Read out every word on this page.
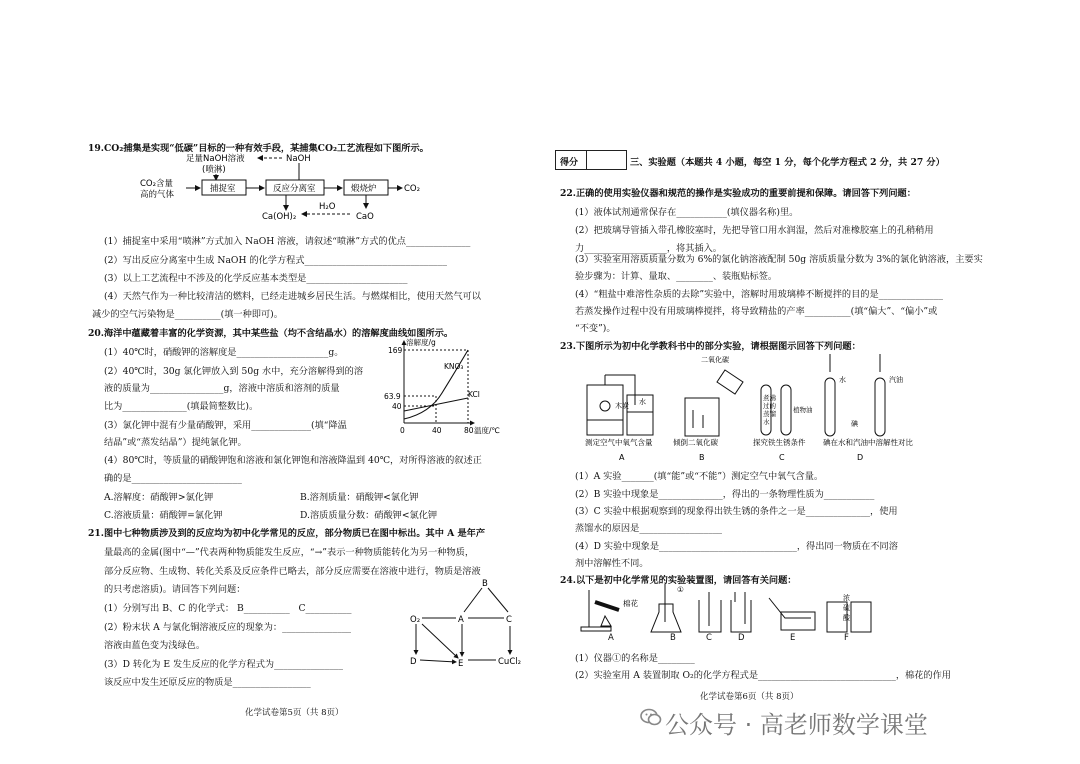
19.CO₂捕集是实现“低碳”目标的一种有效手段，某捕集CO₂工艺流程如下图所示。
足量NaOH溶液
(喷淋)
NaOH
CO₂含量
高的气体
捕捉室	反应分离室	煅烧炉	CO₂
Ca(OH)₂
H₂O
CaO
(1）捕捉室中采用“喷淋”方式加入 NaOH 溶液，请叙述“喷淋”方式的优点______________
(2）写出反应分离室中生成 NaOH 的化学方程式_______________________________
(3）以上工艺流程中不涉及的化学反应基本类型是______________________
(4）天然气作为一种比较清洁的燃料，已经走进城乡居民生活。与燃煤相比，使用天然气可以
减少的空气污染物是__________(填一种即可)。
20.海洋中蕴藏着丰富的化学资源，其中某些盐（均不含结晶水）的溶解度曲线如图所示。
(1）40℃时，硝酸钾的溶解度是____________________g。
(2）40℃时，30g 氯化钾放入到 50g 水中，充分溶解得到的溶
液的质量为________________g，溶液中溶质和溶剂的质量
比为______________(填最简整数比)。
(3）氯化钾中混有少量硝酸钾，采用_____________(填“降温
结晶”或“蒸发结晶”）提纯氯化钾。
溶解度/g
温度/℃
169
63.9
40
0	40	80
KNO₃
KCl
(4）80℃时，等质量的硝酸钾饱和溶液和氯化钾饱和溶液降温到 40℃，对所得溶液的叙述正
确的是________________________
A.溶解度：硝酸钾>氯化钾	B.溶剂质量：硝酸钾<氯化钾
C.溶液质量：硝酸钾=氯化钾	D.溶质质量分数：硝酸钾<氯化钾
21.图中七种物质涉及到的反应均为初中化学常见的反应，部分物质已在图中标出。其中 A 是年产
量最高的金属(图中“—”代表两种物质能发生反应，“→”表示一种物质能转化为另一种物质，
部分反应物、生成物、转化关系及反应条件已略去，部分反应需要在溶液中进行，物质是溶液
的只考虑溶质)。请回答下列问题：
(1）分别写出 B、C 的化学式： B__________   C__________
(2）粉末状 A 与氯化铜溶液反应的现象为：_______________
溶液由蓝色变为浅绿色。
(3）D 转化为 E 发生反应的化学方程式为_______________
该反应中发生还原反应的物质是_________________
B
A	C
O₂
D	E	CuCl₂
化学试卷第5页（共 8页）
得分	三、实验题（本题共 4 小题，每空 1 分，每个化学方程式 2 分，共 27 分）
22.正确的使用实验仪器和规范的操作是实验成功的重要前提和保障。请回答下列问题：
(1）液体试剂通常保存在___________(填仪器名称)里。
(2）把玻璃导管插入带孔橡胶塞时，先把导管口用水润湿，然后对准橡胶塞上的孔稍稍用
力__________________，将其插入。
(3）实验室用溶质质量分数为 6%的氯化钠溶液配制 50g 溶质质量分数为 3%的氯化钠溶液，主要实
验步骤为：计算、量取、________、装瓶贴标签。
(4）“粗盐中难溶性杂质的去除”实验中，溶解时用玻璃棒不断搅拌的目的是______________
若蒸发操作过程中没有用玻璃棒搅拌，将导致精盐的产率__________(填“偏大”、“偏小”或
“不变”)。
23.下图所示为初中化学教科书中的部分实验，请根据图示回答下列问题：
木炭 水
二氧化碳
煮沸
过的
蒸馏
水
植物油
水	汽油
碘
测定空气中氧气含量	倾倒二氧化碳	探究铁生锈条件 碘在水和汽油中溶解性对比
A	B	C	D
(1）A 实验_______(填“能”或“不能”）测定空气中氧气含量。
(2）B 实验中现象是______________，得出的一条物理性质为___________
(3）C 实验中根据观察到的现象得出铁生锈的条件之一是______________，使用
蒸馏水的原因是__________________
(4）D 实验中现象是______________________________，得出同一物质在不同溶
剂中溶解性不同。
24.以下是初中化学常见的实验装置图，请回答有关问题：
棉花
①
浓
硫
酸
A	B	C	D	E	F
(1）仪器①的名称是________
(2）实验室用 A 装置制取 O₂的化学方程式是______________________________，棉花的作用
化学试卷第6页（共 8页）
公众号 · 高老师数学课堂
